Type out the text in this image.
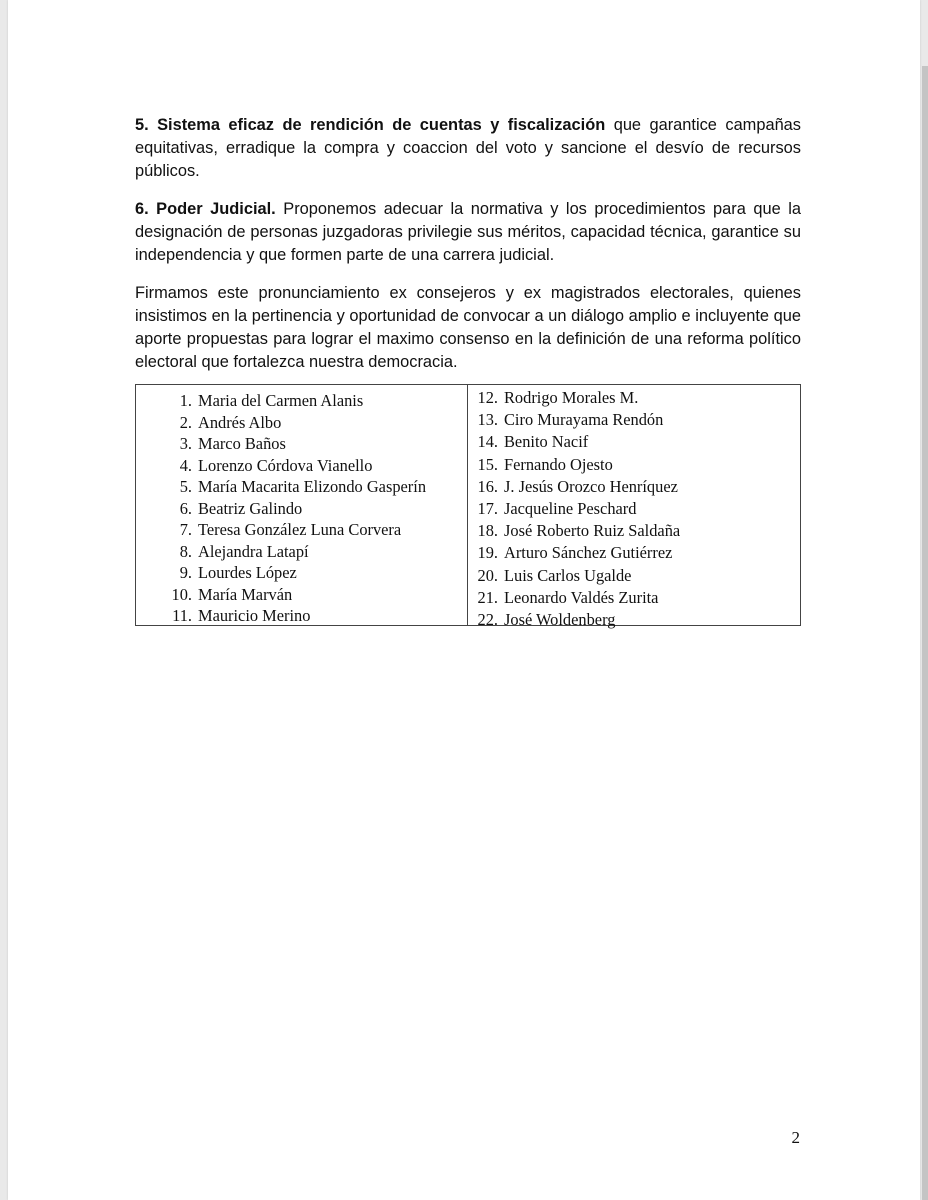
5. Sistema eficaz de rendición de cuentas y fiscalización que garantice campañas equitativas, erradique la compra y coaccion del voto y sancione el desvío de recursos públicos.

6. Poder Judicial. Proponemos adecuar la normativa y los procedimientos para que la designación de personas juzgadoras privilegie sus méritos, capacidad técnica, garantice su independencia y que formen parte de una carrera judicial.

Firmamos este pronunciamiento ex consejeros y ex magistrados electorales, quienes insistimos en la pertinencia y oportunidad de convocar a un diálogo amplio e incluyente que aporte propuestas para lograr el maximo consenso en la definición de una reforma político electoral que fortalezca nuestra democracia.

1. Maria del Carmen Alanis
2. Andrés Albo
3. Marco Baños
4. Lorenzo Córdova Vianello
5. María Macarita Elizondo Gasperín
6. Beatriz Galindo
7. Teresa González Luna Corvera
8. Alejandra Latapí
9. Lourdes López
10. María Marván
11. Mauricio Merino
12. Rodrigo Morales M.
13. Ciro Murayama Rendón
14. Benito Nacif
15. Fernando Ojesto
16. J. Jesús Orozco Henríquez
17. Jacqueline Peschard
18. José Roberto Ruiz Saldaña
19. Arturo Sánchez Gutiérrez
20. Luis Carlos Ugalde
21. Leonardo Valdés Zurita
22. José Woldenberg
2
